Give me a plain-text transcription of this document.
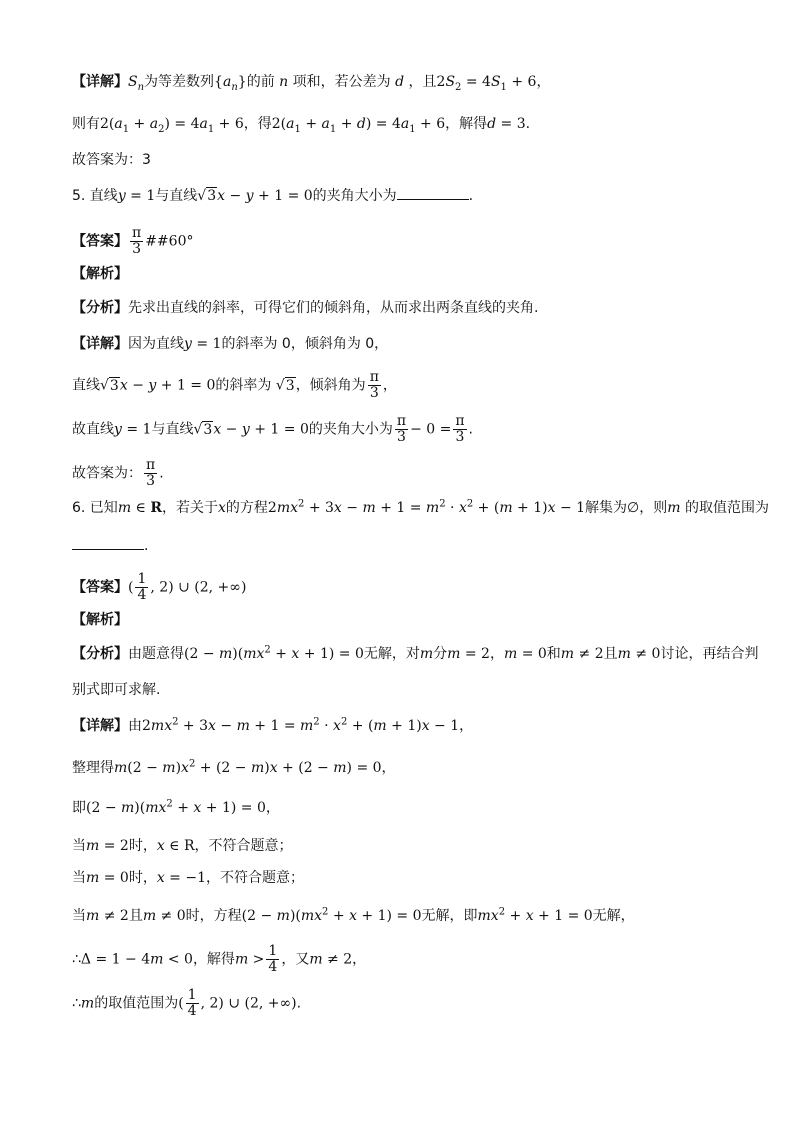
【详解】$S_n$为等差数列$\{a_n\}$的前 n 项和，若公差为 d ，且$2S_2 = 4S_1 + 6$，
则有$2(a_1 + a_2) = 4a_1 + 6$，得$2(a_1 + a_1 + d) = 4a_1 + 6$，解得d = 3.
故答案为：3
5. 直线y = 1与直线√3x − y + 1 = 0的夹角大小为	.
【答案】 $\frac{\pi}{3}$ ##60°
【解析】
【分析】先求出直线的斜率，可得它们的倾斜角，从而求出两条直线的夹角.
【详解】因为直线y = 1的斜率为 0，倾斜角为 0，
直线√3x − y + 1 = 0的斜率为 √3，倾斜角为 $\frac{\pi}{3}$ ，
故直线y = 1与直线√3x − y + 1 = 0的夹角大小为 $\frac{\pi}{3} - 0 = \frac{\pi}{3}$ .
故答案为： $\frac{\pi}{3}$ .
6. 已知m ∈ R，若关于x的方程$2mx^2 + 3x - m + 1 = m^2 \cdot x^2 + (m + 1)x - 1$解集为∅，则m 的取值范围为
.
【答案】( $\frac{1}{4}$ , 2) ∪ (2, +∞)
【解析】
【分析】由题意得$(2 - m)(mx^2 + x + 1) = 0$无解，对m分m = 2，m = 0和m ≠ 2且m ≠ 0讨论，再结合判
别式即可求解.
【详解】由$2mx^2 + 3x - m + 1 = m^2 \cdot x^2 + (m + 1)x - 1$，
整理得$m(2 - m)x^2 + (2 - m)x + (2 - m) = 0$，
即$(2 - m)(mx^2 + x + 1) = 0$，
当m = 2时，x ∈ R，不符合题意；
当m = 0时，x = −1，不符合题意；
当m ≠ 2且m ≠ 0时，方程$(2 - m)(mx^2 + x + 1) = 0$无解，即$mx^2 + x + 1 = 0$无解，
∴Δ = 1 − 4m < 0，解得$m > \frac{1}{4}$ ，又m ≠ 2，
∴m的取值范围为( $\frac{1}{4}$ , 2) ∪ (2, +∞).
